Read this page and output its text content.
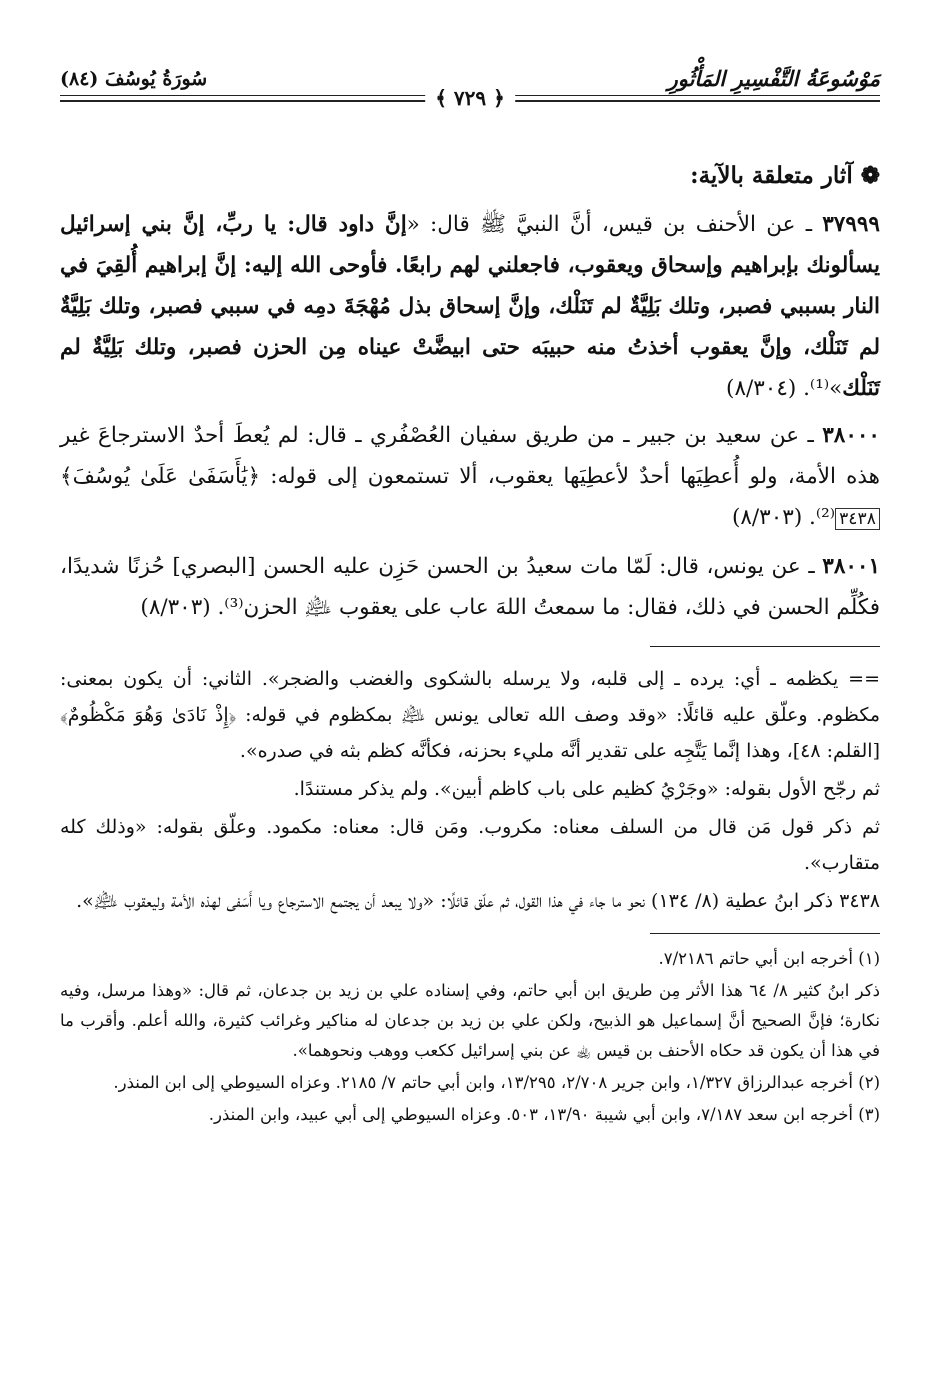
مَوْسُوعَةُ التَّفْسِيرِ المَأْثُورِ
سُورَةُ يُوسُفَ (٨٤)
﴿ ٧٢٩ ﴾
❁آثار متعلقة بالآية:
٣٧٩٩٩ ـ عن الأحنف بن قيس، أنَّ النبيَّ ﷺ قال: «إنَّ داود قال: يا ربِّ، إنَّ بني إسرائيل يسألونك بإبراهيم وإسحاق ويعقوب، فاجعلني لهم رابعًا. فأوحى الله إليه: إنَّ إبراهيم أُلقِيَ في النار بسببي فصبر، وتلك بَلِيَّةٌ لم تَنَلْك، وإنَّ إسحاق بذل مُهْجَةَ دمِه في سببي فصبر، وتلك بَلِيَّةٌ لم تَنَلْك، وإنَّ يعقوب أخذتُ منه حبيبَه حتى ابيضَّتْ عيناه مِن الحزن فصبر، وتلك بَلِيَّةٌ لم تَنَلْك»⁽¹⁾. (٨/٣٠٤)
٣٨٠٠٠ ـ عن سعيد بن جبير ـ من طريق سفيان العُصْفُري ـ قال: لم يُعطَ أحدٌ الاسترجاعَ غير هذه الأمة، ولو أُعطِيَها أحدٌ لأعطِيَها يعقوب، ألا تستمعون إلى قوله: ﴿يَٰأَسَفَىٰ عَلَىٰ يُوسُفَ﴾٣٤٣٨⁽²⁾. (٨/٣٠٣)
٣٨٠٠١ ـ عن يونس، قال: لَمّا مات سعيدُ بن الحسن حَزِن عليه الحسن [البصري] حُزنًا شديدًا، فكُلِّم الحسن في ذلك، فقال: ما سمعتُ اللهَ عاب على يعقوب ﵇ الحزن⁽³⁾. (٨/٣٠٣)

== يكظمه ـ أي: يرده ـ إلى قلبه، ولا يرسله بالشكوى والغضب والضجر». الثاني: أن يكون بمعنى: مكظوم. وعلّق عليه قائلًا: «وقد وصف الله تعالى يونس ﵇ بمكظوم في قوله: ﴿إِذْ نَادَىٰ وَهُوَ مَكْظُومٌ﴾ [القلم: ٤٨]، وهذا إنَّما يَتَّجِه على تقدير أنَّه مليء بحزنه، فكأنَّه كظم بثه في صدره».

ثم رجّح الأول بقوله: «وجَرْيُ كظيم على باب كاظم أبين». ولم يذكر مستندًا.

ثم ذكر قول مَن قال من السلف معناه: مكروب. ومَن قال: معناه: مكمود. وعلّق بقوله: «وذلك كله متقارب».

٣٤٣٨ ذكر ابنُ عطية (٨/ ١٣٤) نحو ما جاء في هذا القول، ثم علّق قائلًا: «ولا يبعد أن يجتمع الاسترجاع ويا أَسَفى لهذه الأمة وليعقوب ﵇».

(١) أخرجه ابن أبي حاتم ٧/٢١٨٦.

ذكر ابنُ كثير ٨/ ٦٤ هذا الأثر مِن طريق ابن أبي حاتم، وفي إسناده علي بن زيد بن جدعان، ثم قال: «وهذا مرسل، وفيه نكارة؛ فإنَّ الصحيح أنَّ إسماعيل هو الذبيح، ولكن علي بن زيد بن جدعان له مناكير وغرائب كثيرة، والله أعلم. وأقرب ما في هذا أن يكون قد حكاه الأحنف بن قيس ﵀ عن بني إسرائيل ككعب ووهب ونحوهما».

(٢) أخرجه عبدالرزاق ١/٣٢٧، وابن جرير ٢/٧٠٨، ١٣/٢٩٥، وابن أبي حاتم ٧/ ٢١٨٥. وعزاه السيوطي إلى ابن المنذر.

(٣) أخرجه ابن سعد ٧/١٨٧، وابن أبي شيبة ١٣/٩٠، ٥٠٣. وعزاه السيوطي إلى أبي عبيد، وابن المنذر.
